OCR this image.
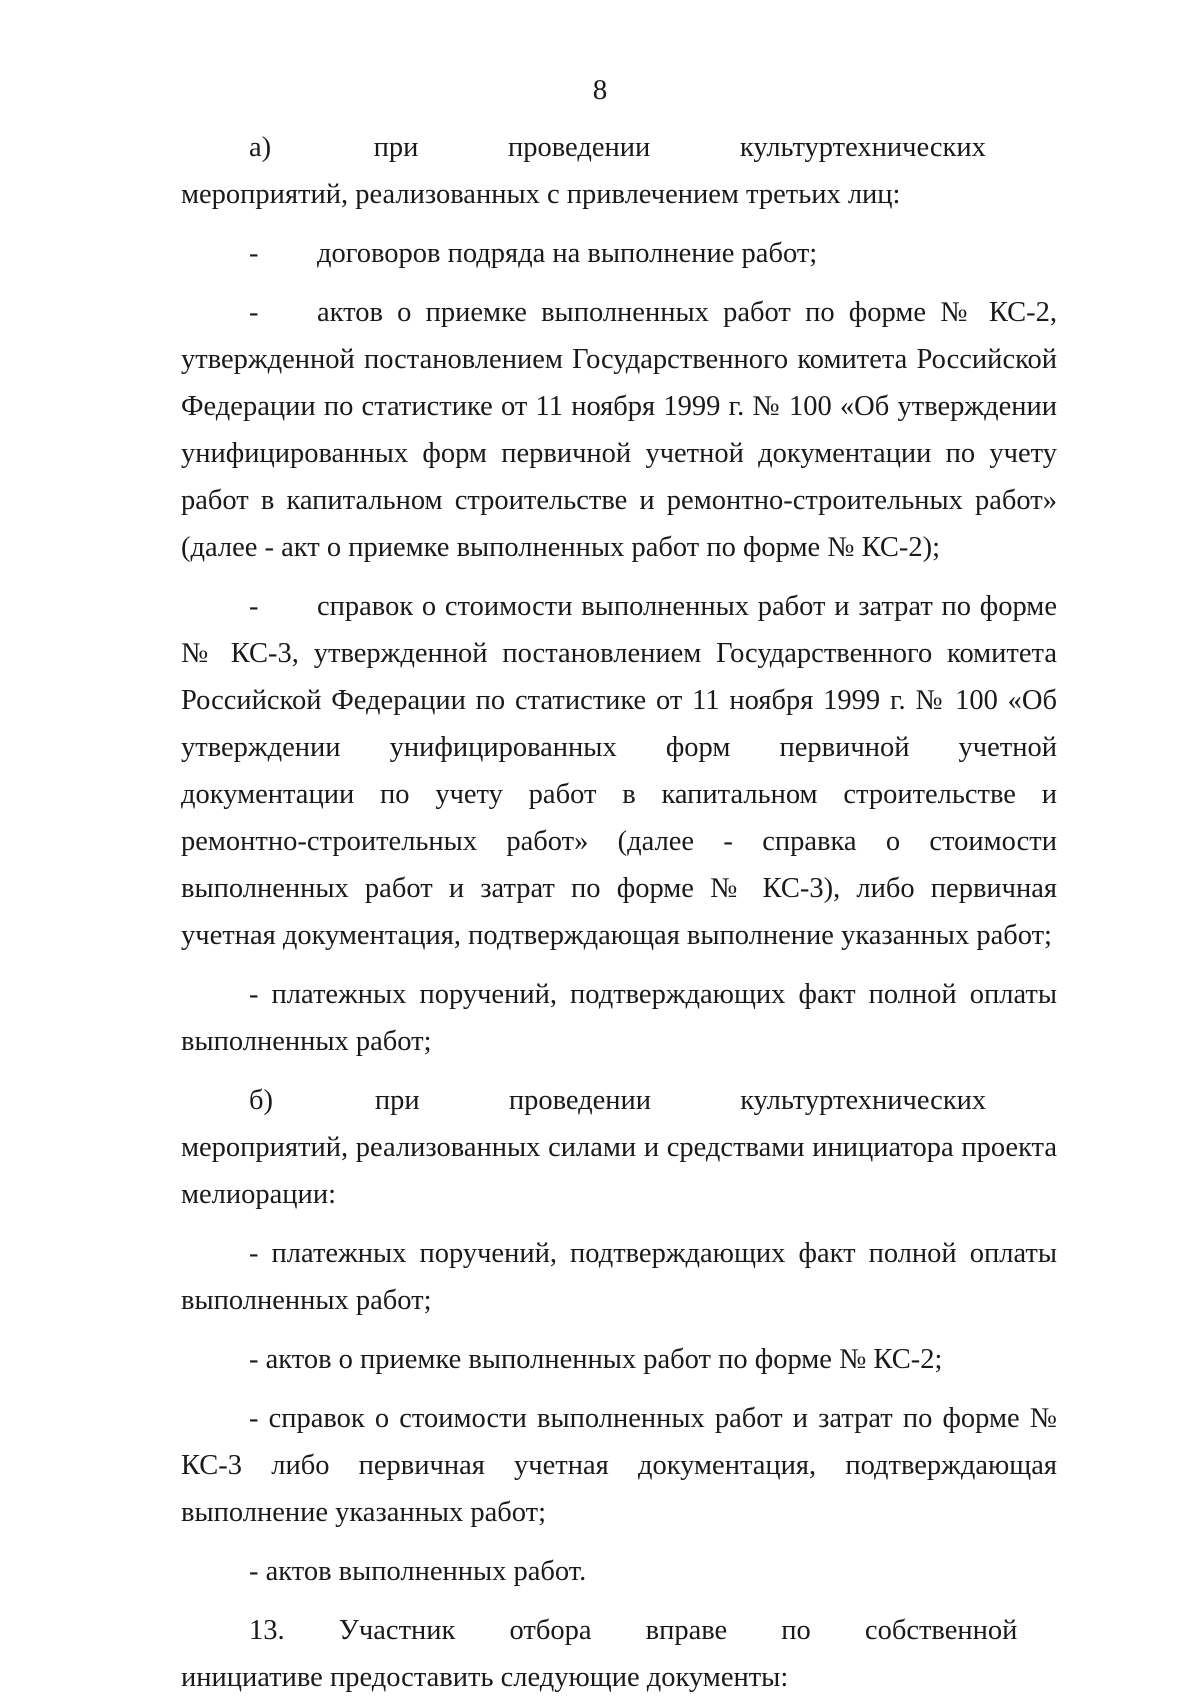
8

а)        при       проведении       культуртехнических       мероприятий, реализованных с привлечением третьих лиц:

- договоров подряда на выполнение работ;

- актов о приемке выполненных работ по форме № КС-2, утвержденной постановлением Государственного комитета Российской Федерации по статистике от 11 ноября 1999 г. № 100 «Об утверждении унифицированных форм первичной учетной документации по учету работ в капитальном строительстве и ремонтно-строительных работ» (далее - акт о приемке выполненных работ по форме № КС-2);

- справок о стоимости выполненных работ и затрат по форме № КС-3, утвержденной постановлением Государственного комитета Российской Федерации по статистике от 11 ноября 1999 г. № 100 «Об утверждении унифицированных форм первичной учетной документации по учету работ в капитальном строительстве и ремонтно-строительных работ» (далее - справка о стоимости выполненных работ и затрат по форме № КС-3), либо первичная учетная документация, подтверждающая выполнение указанных работ;

- платежных поручений, подтверждающих факт полной оплаты выполненных работ;

б)        при       проведении       культуртехнических       мероприятий, реализованных силами и средствами инициатора проекта мелиорации:

- платежных поручений, подтверждающих факт полной оплаты выполненных работ;

- актов о приемке выполненных работ по форме № КС-2;

- справок о стоимости выполненных работ и затрат по форме № КС-3 либо первичная учетная документация, подтверждающая выполнение указанных работ;

- актов выполненных работ.

13.     Участник     отбора     вправе     по     собственной     инициативе предоставить следующие документы:
